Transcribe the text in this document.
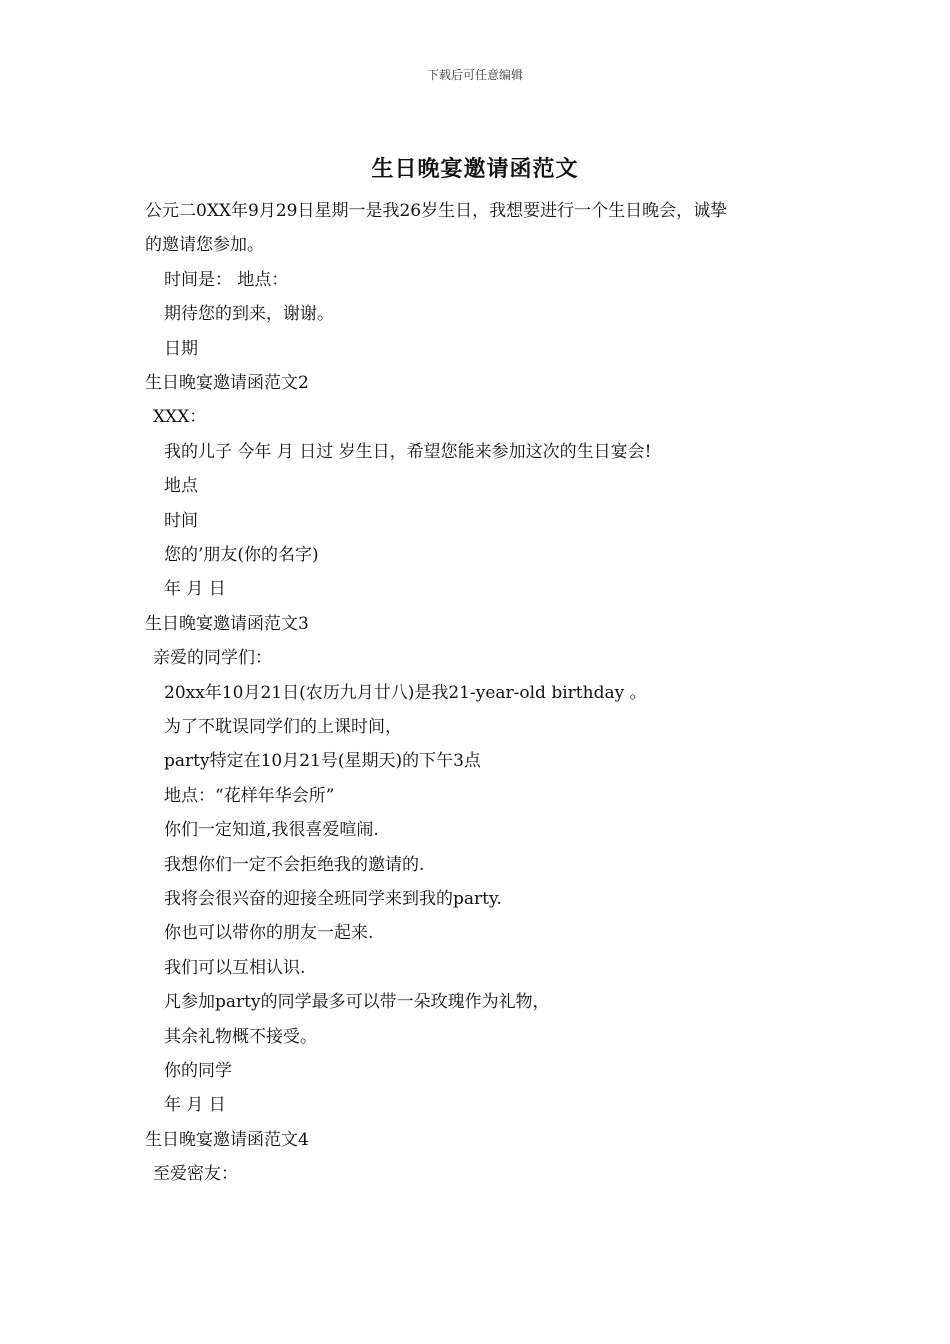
下载后可任意编辑
生日晚宴邀请函范文
公元二0XX年9月29日星期一是我26岁生日，我想要进行一个生日晚会，诚挚
的邀请您参加。
时间是： 地点：
期待您的到来，谢谢。
日期
生日晚宴邀请函范文2
XXX：
我的儿子 今年 月 日过 岁生日，希望您能来参加这次的生日宴会!
地点
时间
您的’朋友(你的名字)
年 月 日
生日晚宴邀请函范文3
亲爱的同学们：
20xx年10月21日(农历九月廿八)是我21-year-old birthday 。
为了不耽误同学们的上课时间，
party特定在10月21号(星期天)的下午3点
地点：“花样年华会所”
你们一定知道,我很喜爱喧闹.
我想你们一定不会拒绝我的邀请的.
我将会很兴奋的迎接全班同学来到我的party.
你也可以带你的朋友一起来.
我们可以互相认识.
凡参加party的同学最多可以带一朵玫瑰作为礼物，
其余礼物概不接受。
你的同学
年 月 日
生日晚宴邀请函范文4
至爱密友：
